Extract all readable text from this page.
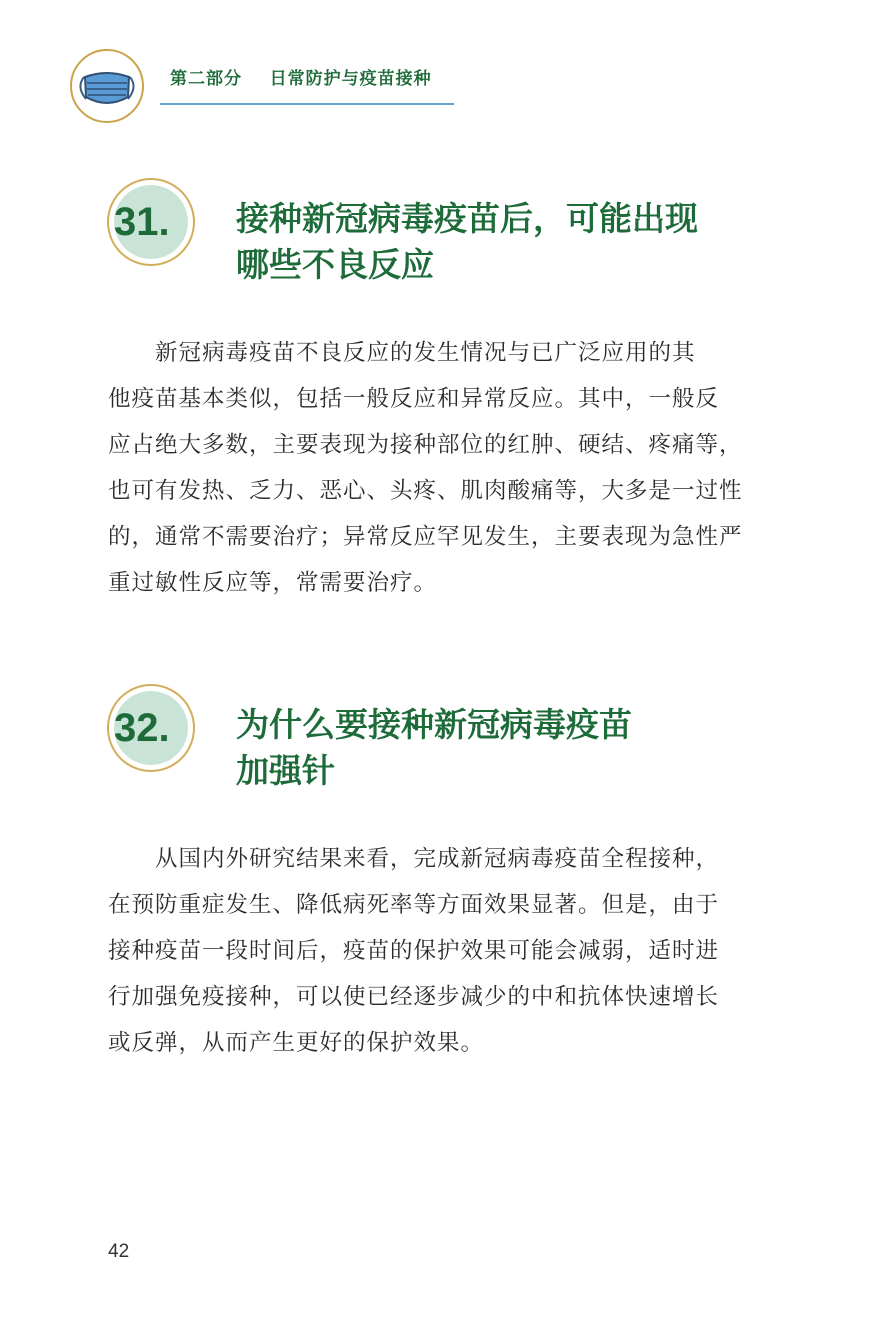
第二部分    日常防护与疫苗接种
31.	接种新冠病毒疫苗后，可能出现
哪些不良反应
　　新冠病毒疫苗不良反应的发生情况与已广泛应用的其
他疫苗基本类似，包括一般反应和异常反应。其中，一般反
应占绝大多数，主要表现为接种部位的红肿、硬结、疼痛等，
也可有发热、乏力、恶心、头疼、肌肉酸痛等，大多是一过性
的，通常不需要治疗；异常反应罕见发生，主要表现为急性严
重过敏性反应等，常需要治疗。
32.	为什么要接种新冠病毒疫苗
加强针
　　从国内外研究结果来看，完成新冠病毒疫苗全程接种，
在预防重症发生、降低病死率等方面效果显著。但是，由于
接种疫苗一段时间后，疫苗的保护效果可能会减弱，适时进
行加强免疫接种，可以使已经逐步减少的中和抗体快速增长
或反弹，从而产生更好的保护效果。
42
